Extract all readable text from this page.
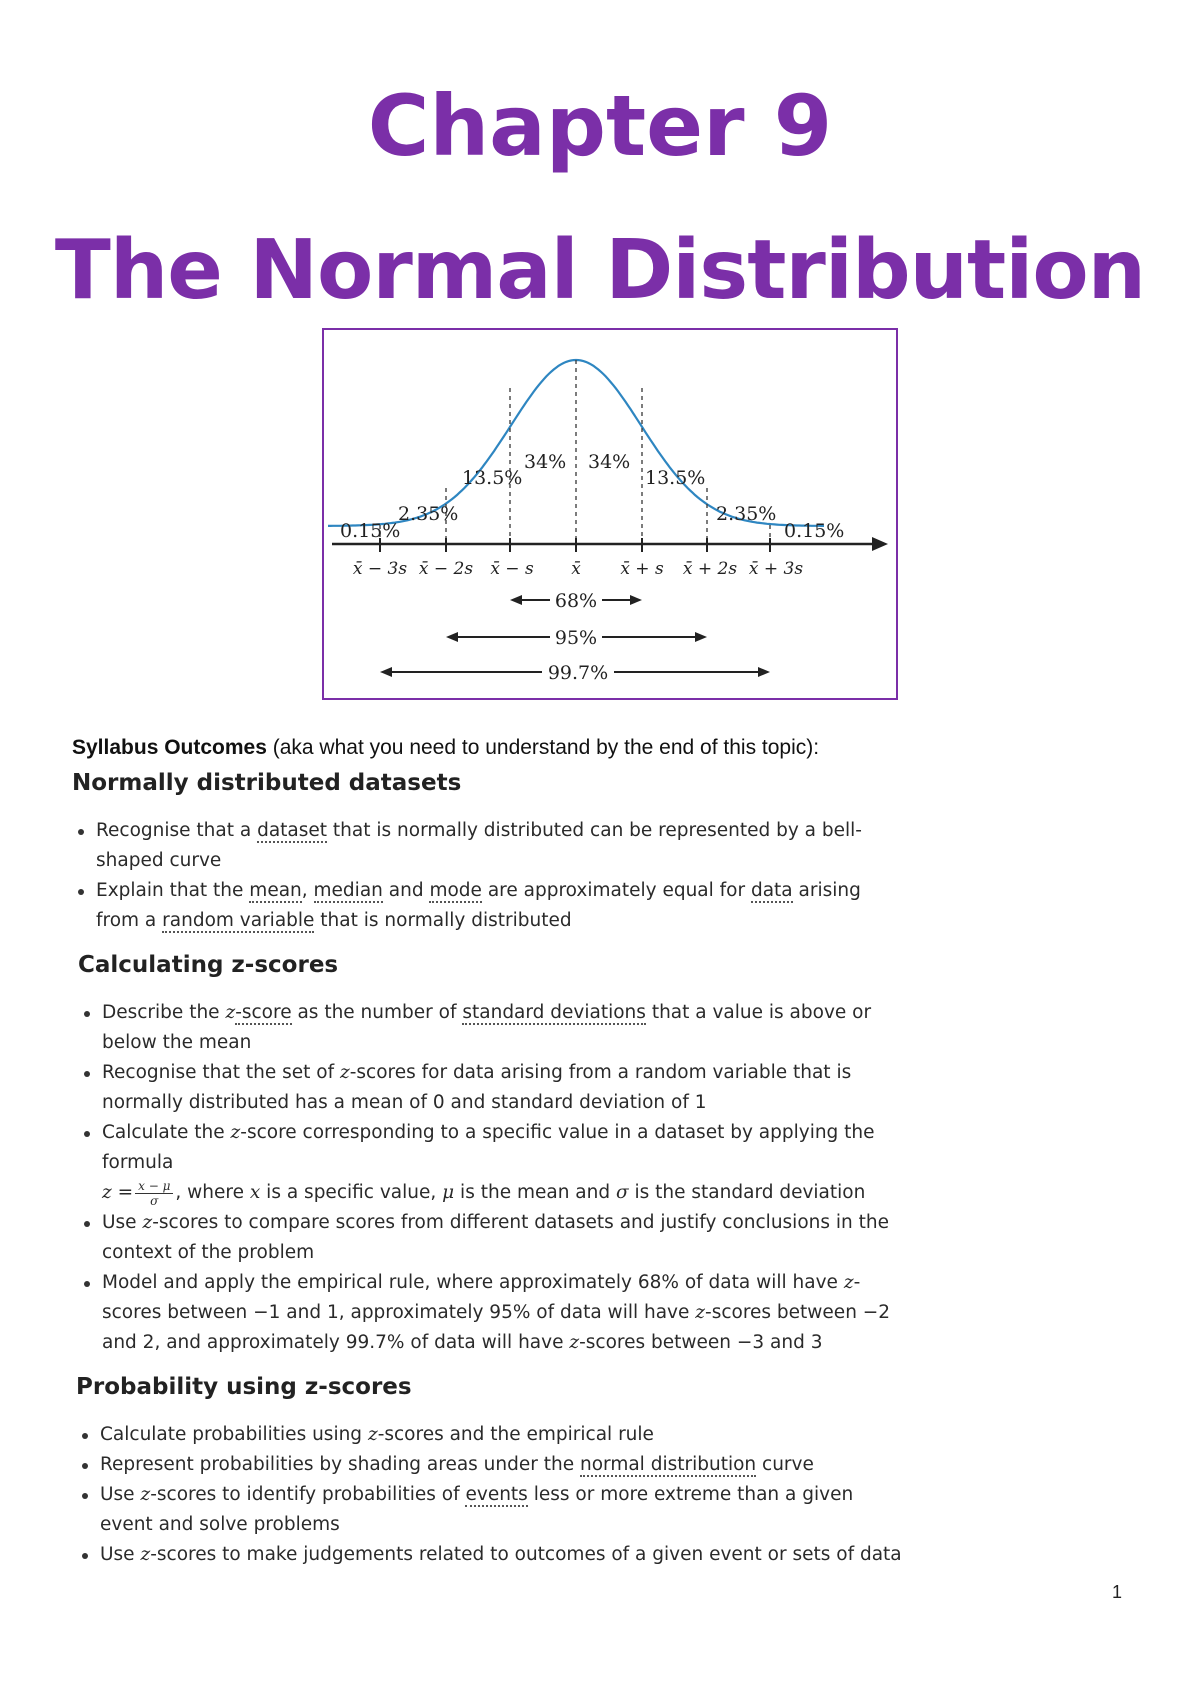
Chapter 9
The Normal Distribution
0.15%
2.35%
13.5%
34% 34%
13.5%
2.35%
0.15%
x̄ − 3s x̄ − 2s x̄ − s x̄ x̄ + s x̄ + 2s x̄ + 3s
68%
95%
99.7%
Syllabus Outcomes (aka what you need to understand by the end of this topic):
Normally distributed datasets
Recognise that a dataset that is normally distributed can be represented by a bell-shaped curve
Explain that the mean, median and mode are approximately equal for data arising from a random variable that is normally distributed
Calculating z-scores
Describe the z-score as the number of standard deviations that a value is above or below the mean
Recognise that the set of z-scores for data arising from a random variable that is normally distributed has a mean of 0 and standard deviation of 1
Calculate the z-score corresponding to a specific value in a dataset by applying the formula
$z = \frac{x - \mu}{\sigma}$ , where x is a specific value, μ is the mean and σ is the standard deviation
Use z-scores to compare scores from different datasets and justify conclusions in the context of the problem
Model and apply the empirical rule, where approximately 68% of data will have z-scores between −1 and 1, approximately 95% of data will have z-scores between −2 and 2, and approximately 99.7% of data will have z-scores between −3 and 3
Probability using z-scores
Calculate probabilities using z-scores and the empirical rule
Represent probabilities by shading areas under the normal distribution curve
Use z-scores to identify probabilities of events less or more extreme than a given event and solve problems
Use z-scores to make judgements related to outcomes of a given event or sets of data
1
